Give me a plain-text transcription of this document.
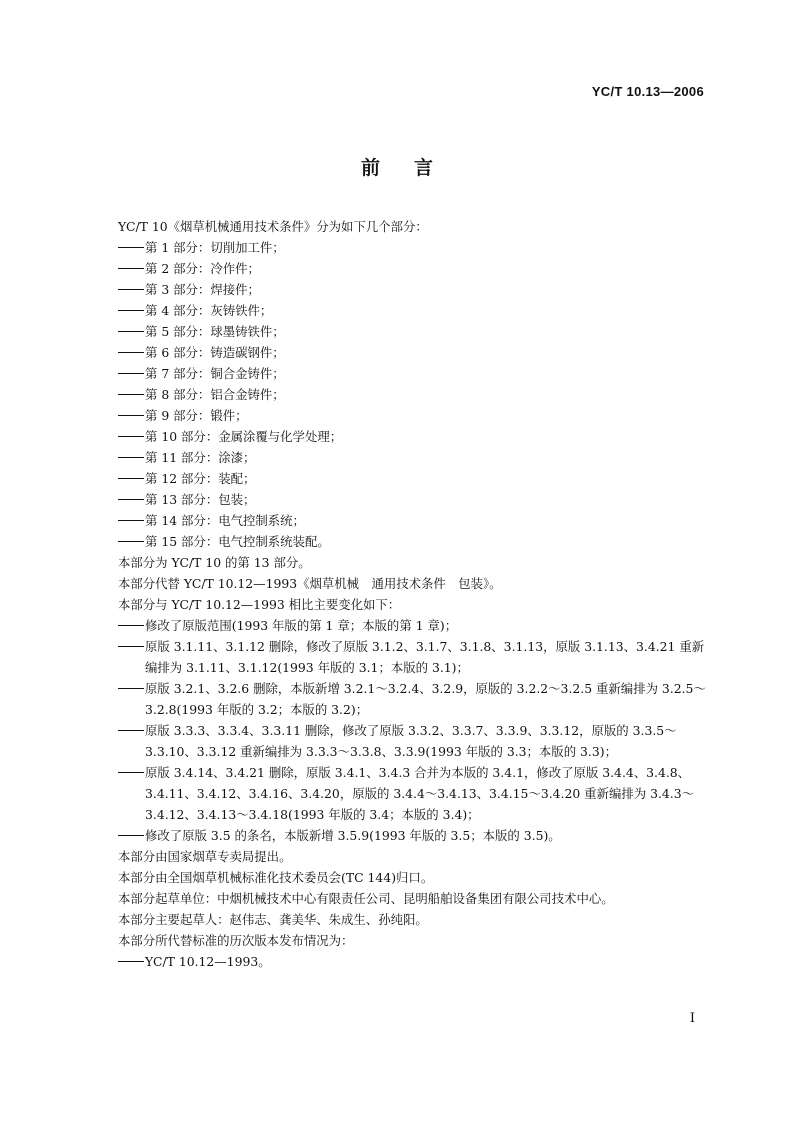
YC/T 10.13—2006
前言
YC/T 10《烟草机械通用技术条件》分为如下几个部分：
第 1 部分：切削加工件；
第 2 部分：冷作件；
第 3 部分：焊接件；
第 4 部分：灰铸铁件；
第 5 部分：球墨铸铁件；
第 6 部分：铸造碳钢件；
第 7 部分：铜合金铸件；
第 8 部分：铝合金铸件；
第 9 部分：锻件；
第 10 部分：金属涂覆与化学处理；
第 11 部分：涂漆；
第 12 部分：装配；
第 13 部分：包装；
第 14 部分：电气控制系统；
第 15 部分：电气控制系统装配。
本部分为 YC/T 10 的第 13 部分。
本部分代替 YC/T 10.12—1993《烟草机械　通用技术条件　包装》。
本部分与 YC/T 10.12—1993 相比主要变化如下：
修改了原版范围(1993 年版的第 1 章；本版的第 1 章)；
原版 3.1.11、3.1.12 删除，修改了原版 3.1.2、3.1.7、3.1.8、3.1.13，原版 3.1.13、3.4.21 重新编排为 3.1.11、3.1.12(1993 年版的 3.1；本版的 3.1)；
原版 3.2.1、3.2.6 删除，本版新增 3.2.1～3.2.4、3.2.9，原版的 3.2.2～3.2.5 重新编排为 3.2.5～3.2.8(1993 年版的 3.2；本版的 3.2)；
原版 3.3.3、3.3.4、3.3.11 删除，修改了原版 3.3.2、3.3.7、3.3.9、3.3.12，原版的 3.3.5～3.3.10、3.3.12 重新编排为 3.3.3～3.3.8、3.3.9(1993 年版的 3.3；本版的 3.3)；
原版 3.4.14、3.4.21 删除，原版 3.4.1、3.4.3 合并为本版的 3.4.1，修改了原版 3.4.4、3.4.8、3.4.11、3.4.12、3.4.16、3.4.20，原版的 3.4.4～3.4.13、3.4.15～3.4.20 重新编排为 3.4.3～3.4.12、3.4.13～3.4.18(1993 年版的 3.4；本版的 3.4)；
修改了原版 3.5 的条名，本版新增 3.5.9(1993 年版的 3.5；本版的 3.5)。
本部分由国家烟草专卖局提出。
本部分由全国烟草机械标准化技术委员会(TC 144)归口。
本部分起草单位：中烟机械技术中心有限责任公司、昆明船舶设备集团有限公司技术中心。
本部分主要起草人：赵伟志、龚美华、朱成生、孙纯阳。
本部分所代替标准的历次版本发布情况为：
YC/T 10.12—1993。
I
